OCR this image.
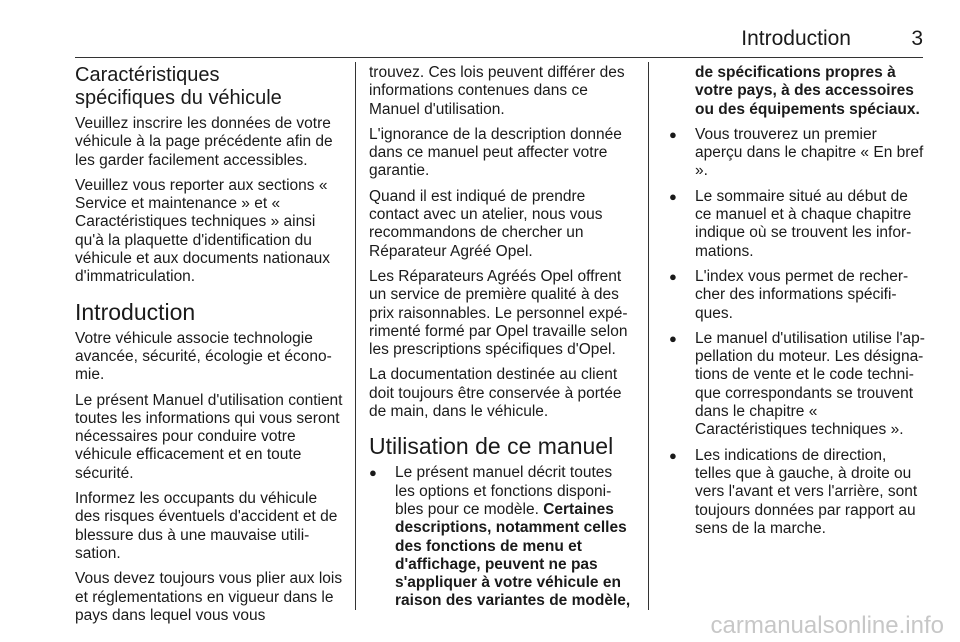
Introduction	3
Caractéristiques
spécifiques du véhicule

Veuillez inscrire les données de votre véhicule à la page précédente afin de les garder facilement accessibles.

Veuillez vous reporter aux sections « Service et maintenance » et « Caractéristiques techniques » ainsi qu'à la plaquette d'identification du véhicule et aux documents nationaux d'immatriculation.

Introduction

Votre véhicule associe technologie avancée, sécurité, écologie et écono-mie.

Le présent Manuel d'utilisation contient toutes les informations qui vous seront nécessaires pour conduire votre véhicule efficacement et en toute sécurité.

Informez les occupants du véhicule des risques éventuels d'accident et de blessure dus à une mauvaise utili-sation.

Vous devez toujours vous plier aux lois et réglementations en vigueur dans le pays dans lequel vous vous

trouvez. Ces lois peuvent différer des informations contenues dans ce Manuel d'utilisation.

L'ignorance de la description donnée dans ce manuel peut affecter votre garantie.

Quand il est indiqué de prendre contact avec un atelier, nous vous recommandons de chercher un Réparateur Agréé Opel.

Les Réparateurs Agréés Opel offrent un service de première qualité à des prix raisonnables. Le personnel expé-rimenté formé par Opel travaille selon les prescriptions spécifiques d'Opel.

La documentation destinée au client doit toujours être conservée à portée de main, dans le véhicule.

Utilisation de ce manuel
● Le présent manuel décrit toutes les options et fonctions disponi-bles pour ce modèle. Certaines descriptions, notamment celles des fonctions de menu et d'affichage, peuvent ne pas s'appliquer à votre véhicule en raison des variantes de modèle,

de spécifications propres à votre pays, à des accessoires ou des équipements spéciaux.

● Vous trouverez un premier aperçu dans le chapitre « En bref ».
● Le sommaire situé au début de ce manuel et à chaque chapitre indique où se trouvent les infor-mations.
● L'index vous permet de recher-cher des informations spécifi-ques.
● Le manuel d'utilisation utilise l'ap-pellation du moteur. Les désigna-tions de vente et le code techni-que correspondants se trouvent dans le chapitre « Caractéristiques techniques ».
● Les indications de direction, telles que à gauche, à droite ou vers l'avant et vers l'arrière, sont toujours données par rapport au sens de la marche.
carmanualsonline.info
